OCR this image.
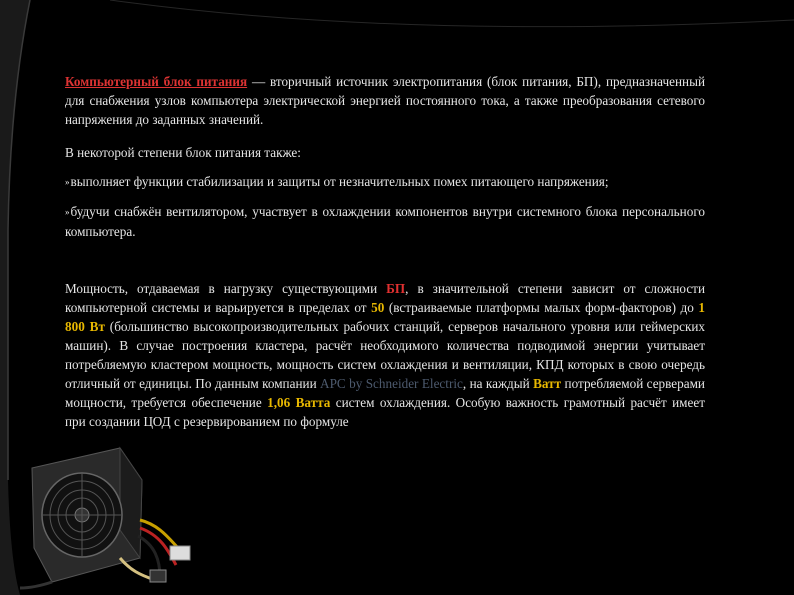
Компьютерный блок питания — вторичный источник электропитания (блок питания, БП), предназначенный для снабжения узлов компьютера электрической энергией постоянного тока, а также преобразования сетевого напряжения до заданных значений.

В некоторой степени блок питания также:

»выполняет функции стабилизации и защиты от незначительных помех питающего напряжения;

»будучи снабжён вентилятором, участвует в охлаждении компонентов внутри системного блока персонального компьютера.

Мощность, отдаваемая в нагрузку существующими БП, в значительной степени зависит от сложности компьютерной системы и варьируется в пределах от 50 (встраиваемые платформы малых форм-факторов) до 1 800 Вт (большинство высокопроизводительных рабочих станций, серверов начального уровня или геймерских машин). В случае построения кластера, расчёт необходимого количества подводимой энергии учитывает потребляемую кластером мощность, мощность систем охлаждения и вентиляции, КПД которых в свою очередь отличный от единицы. По данным компании APC by Schneider Electric, на каждый Ватт потребляемой серверами мощности, требуется обеспечение 1,06 Ватта систем охлаждения. Особую важность грамотный расчёт имеет при создании ЦОД с резервированием по формуле
